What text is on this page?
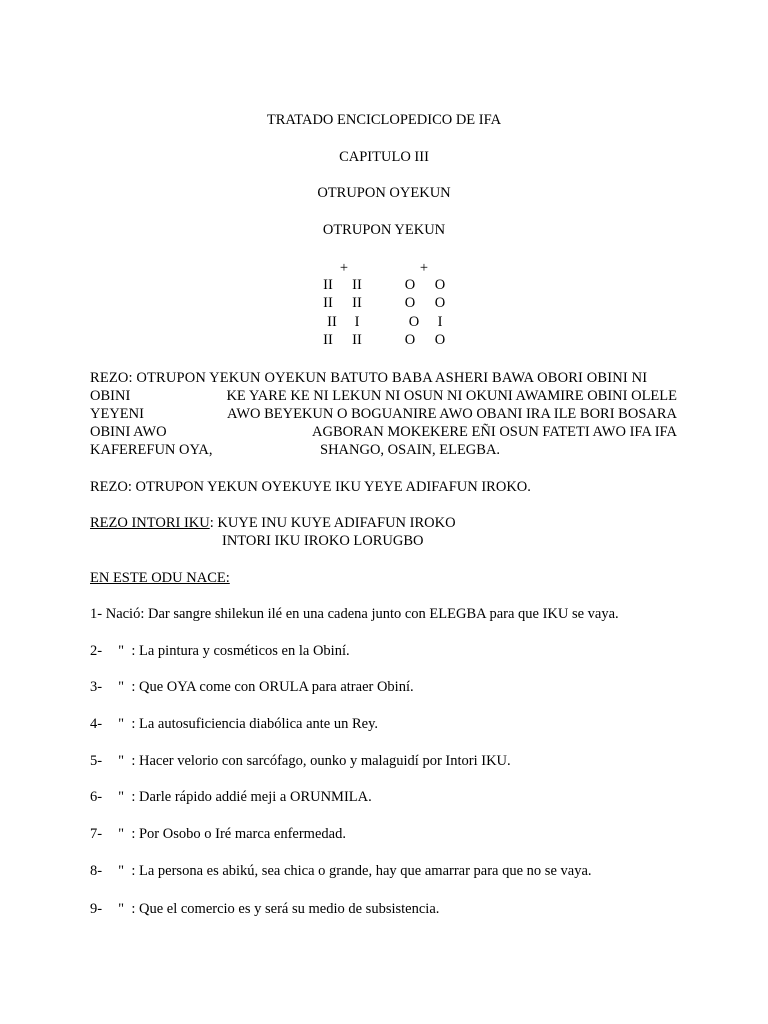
TRATADO ENCICLOPEDICO DE IFA
CAPITULO III
OTRUPON OYEKUN
OTRUPON YEKUN
+
II	II
II	II
II	I
II	II
+
O	O
O	O
O	I
O	O
REZO: OTRUPON YEKUN OYEKUN BATUTO BABA ASHERI BAWA OBORI OBINI NI
OBINI	KE YARE KE NI LEKUN NI OSUN NI OKUNI AWAMIRE OBINI OLELE
YEYENI	AWO BEYEKUN O BOGUANIRE AWO OBANI IRA ILE BORI BOSARA
OBINI AWO	AGBORAN MOKEKERE EÑI OSUN FATETI AWO IFA IFA
KAFEREFUN OYA,	SHANGO, OSAIN, ELEGBA.
REZO: OTRUPON YEKUN OYEKUYE IKU YEYE ADIFAFUN IROKO.
REZO INTORI IKU: KUYE INU KUYE ADIFAFUN IROKO
INTORI IKU IROKO LORUGBO
EN ESTE ODU NACE:
1- Nació: Dar sangre shilekun ilé en una cadena junto con ELEGBA para que IKU se vaya.
2- " : La pintura y cosméticos en la Obiní.
3- " : Que OYA come con ORULA para atraer Obiní.
4- " : La autosuficiencia diabólica ante un Rey.
5- " : Hacer velorio con sarcófago, ounko y malaguidí por Intori IKU.
6- " : Darle rápido addié meji a ORUNMILA.
7- " : Por Osobo o Iré marca enfermedad.
8- " : La persona es abikú, sea chica o grande, hay que amarrar para que no se vaya.
9- " : Que el comercio es y será su medio de subsistencia.
